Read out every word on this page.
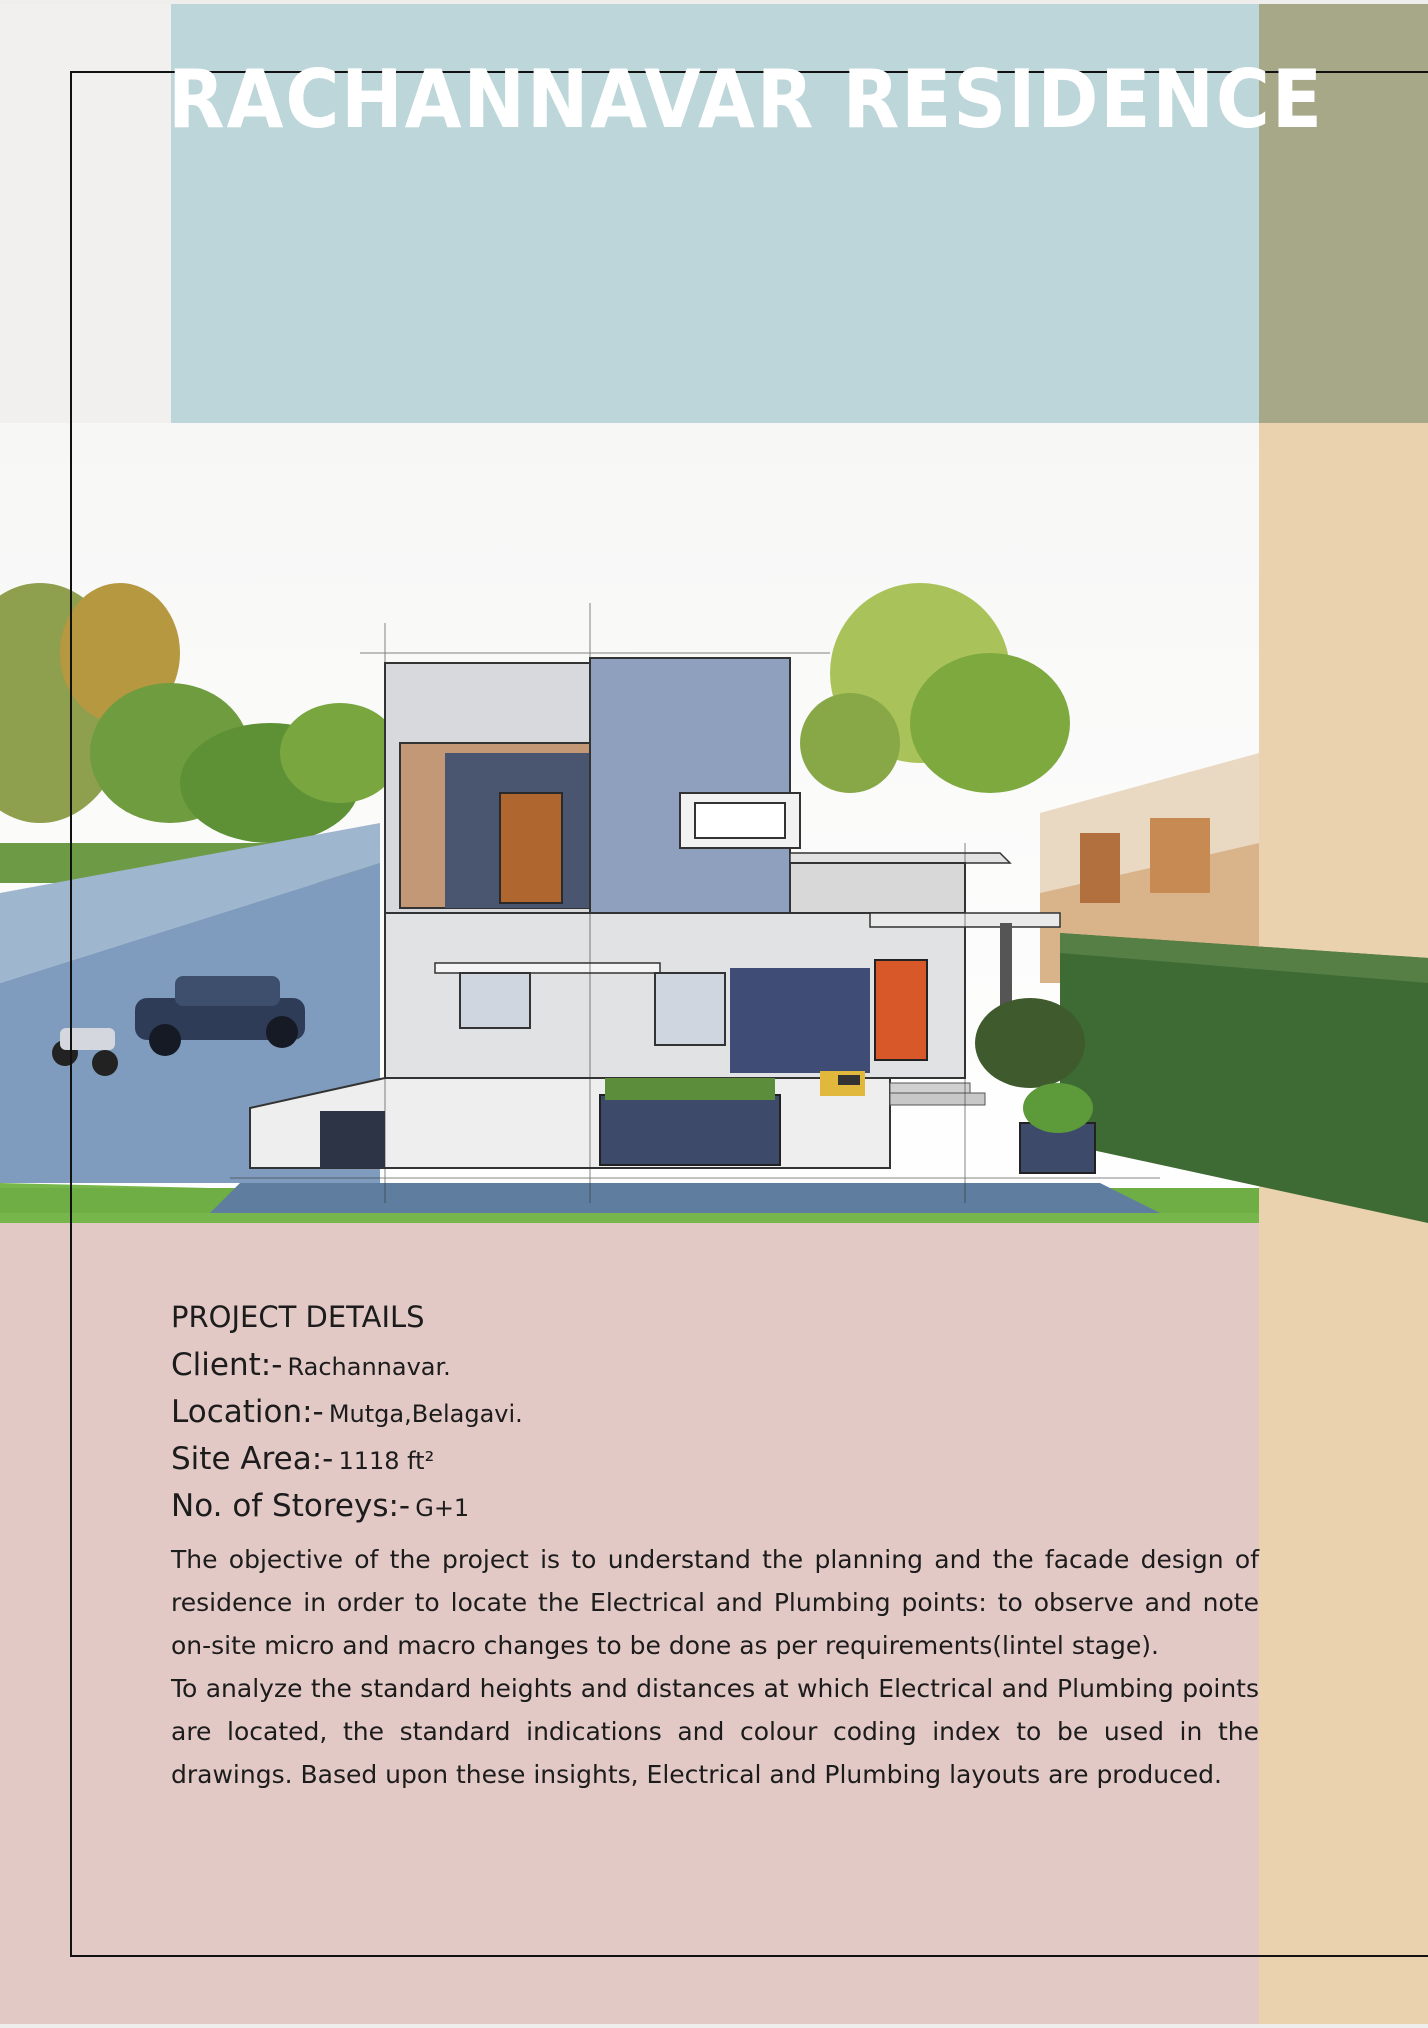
RACHANNAVAR RESIDENCE

PROJECT DETAILS

Client:- Rachannavar.

Location:- Mutga,Belagavi.

Site Area:- 1118 ft²

No. of Storeys:- G+1

The objective of the project is to understand the planning and the facade design of residence in order to locate the Electrical and Plumbing points: to observe and note on-site micro and macro changes to be done as per requirements(lintel stage).

To analyze the standard heights and distances at which Electrical and Plumbing points are located, the standard indications and colour coding index to be used in the drawings. Based upon these insights, Electrical and Plumbing layouts are produced.
